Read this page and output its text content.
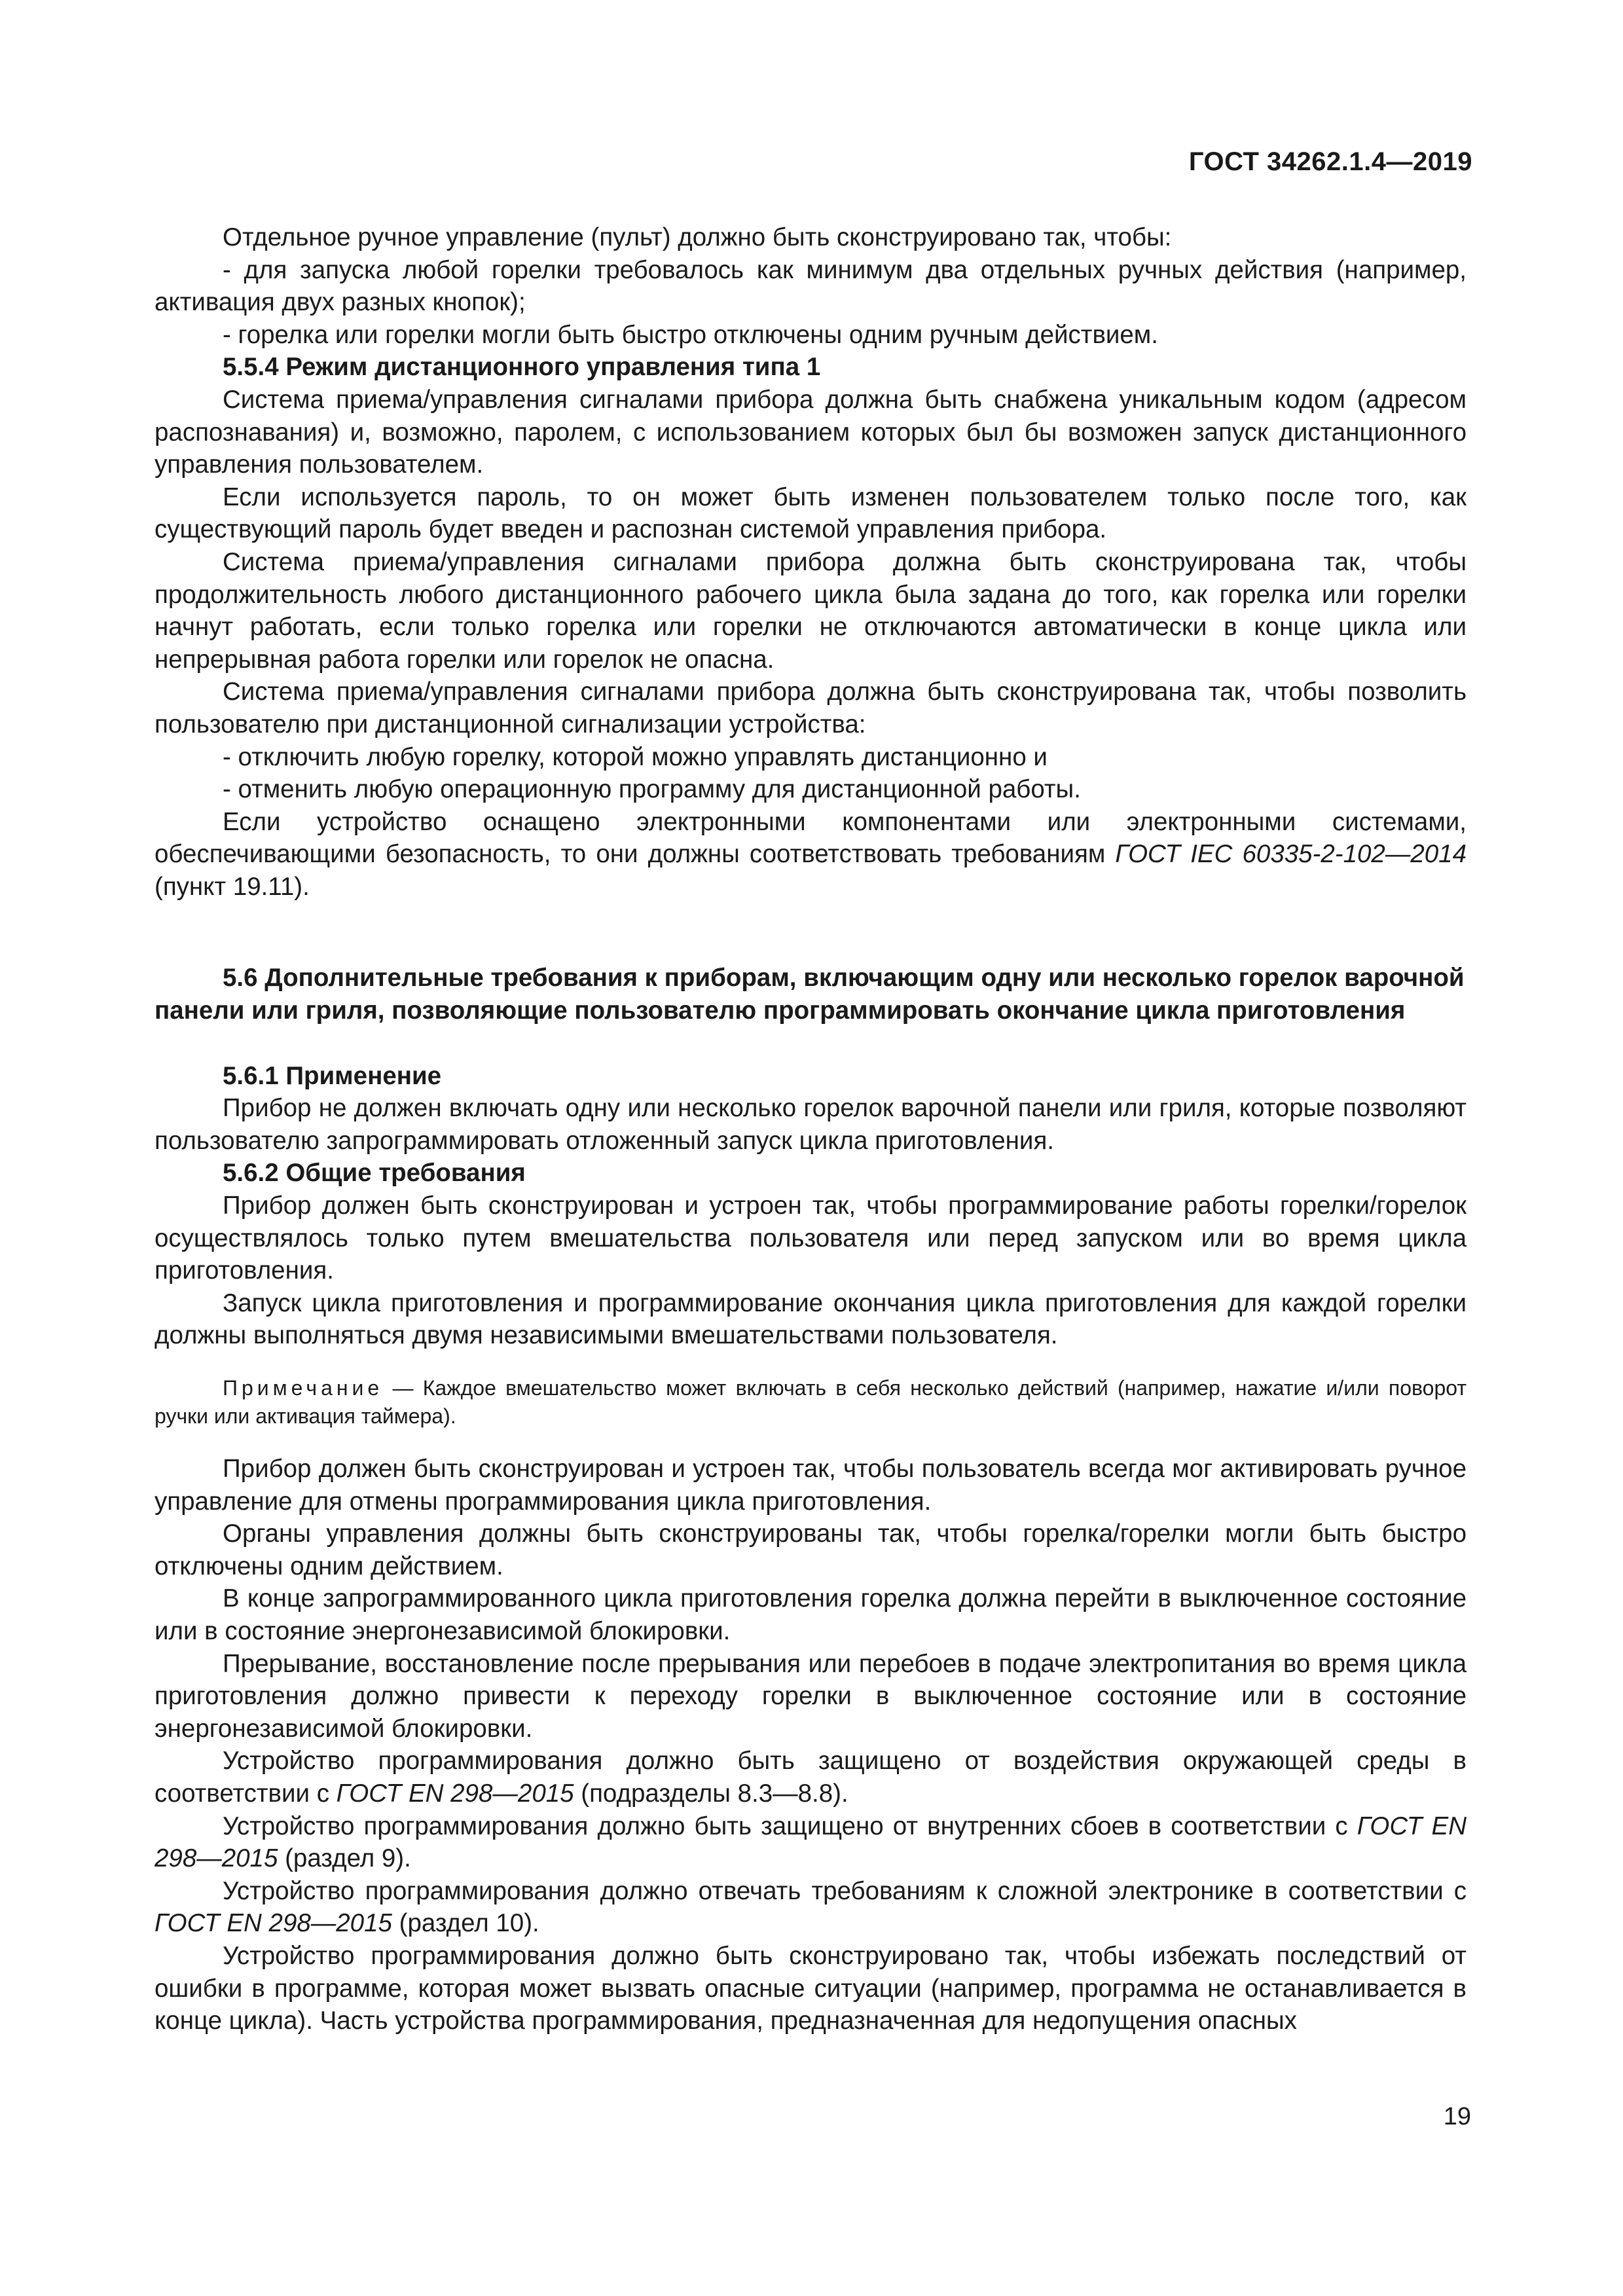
ГОСТ 34262.1.4—2019

Отдельное ручное управление (пульт) должно быть сконструировано так, чтобы:

- для запуска любой горелки требовалось как минимум два отдельных ручных действия (например, активация двух разных кнопок);

- горелка или горелки могли быть быстро отключены одним ручным действием.

5.5.4 Режим дистанционного управления типа 1

Система приема/управления сигналами прибора должна быть снабжена уникальным кодом (адресом распознавания) и, возможно, паролем, с использованием которых был бы возможен запуск дистанционного управления пользователем.

Если используется пароль, то он может быть изменен пользователем только после того, как существующий пароль будет введен и распознан системой управления прибора.

Система приема/управления сигналами прибора должна быть сконструирована так, чтобы продолжительность любого дистанционного рабочего цикла была задана до того, как горелка или горелки начнут работать, если только горелка или горелки не отключаются автоматически в конце цикла или непрерывная работа горелки или горелок не опасна.

Система приема/управления сигналами прибора должна быть сконструирована так, чтобы позволить пользователю при дистанционной сигнализации устройства:

- отключить любую горелку, которой можно управлять дистанционно и

- отменить любую операционную программу для дистанционной работы.

Если устройство оснащено электронными компонентами или электронными системами, обеспечивающими безопасность, то они должны соответствовать требованиям ГОСТ IEC 60335-2-102—2014 (пункт 19.11).

5.6 Дополнительные требования к приборам, включающим одну или несколько горелок варочной панели или гриля, позволяющие пользователю программировать окончание цикла приготовления

5.6.1 Применение

Прибор не должен включать одну или несколько горелок варочной панели или гриля, которые позволяют пользователю запрограммировать отложенный запуск цикла приготовления.

5.6.2 Общие требования

Прибор должен быть сконструирован и устроен так, чтобы программирование работы горелки/горелок осуществлялось только путем вмешательства пользователя или перед запуском или во время цикла приготовления.

Запуск цикла приготовления и программирование окончания цикла приготовления для каждой горелки должны выполняться двумя независимыми вмешательствами пользователя.

Примечание — Каждое вмешательство может включать в себя несколько действий (например, нажатие и/или поворот ручки или активация таймера).

Прибор должен быть сконструирован и устроен так, чтобы пользователь всегда мог активировать ручное управление для отмены программирования цикла приготовления.

Органы управления должны быть сконструированы так, чтобы горелка/горелки могли быть быстро отключены одним действием.

В конце запрограммированного цикла приготовления горелка должна перейти в выключенное состояние или в состояние энергонезависимой блокировки.

Прерывание, восстановление после прерывания или перебоев в подаче электропитания во время цикла приготовления должно привести к переходу горелки в выключенное состояние или в состояние энергонезависимой блокировки.

Устройство программирования должно быть защищено от воздействия окружающей среды в соответствии с ГОСТ EN 298—2015 (подразделы 8.3—8.8).

Устройство программирования должно быть защищено от внутренних сбоев в соответствии с ГОСТ EN 298—2015 (раздел 9).

Устройство программирования должно отвечать требованиям к сложной электронике в соответствии с ГОСТ EN 298—2015 (раздел 10).

Устройство программирования должно быть сконструировано так, чтобы избежать последствий от ошибки в программе, которая может вызвать опасные ситуации (например, программа не останавливается в конце цикла). Часть устройства программирования, предназначенная для недопущения опасных

19
